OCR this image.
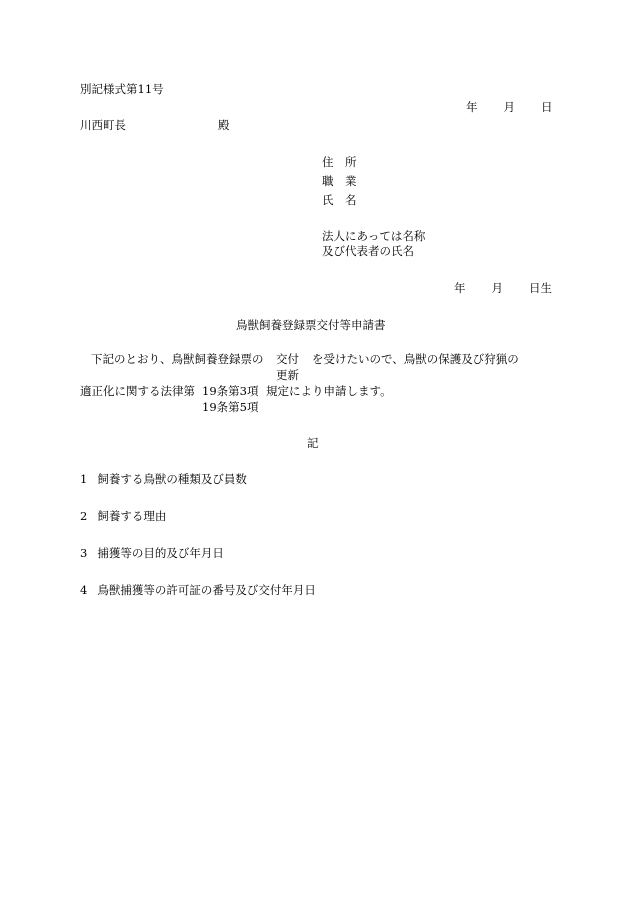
別記様式第11号
年 月 日
川西町長	殿
住　所
職　業
氏　名
法人にあっては名称
及び代表者の氏名
年 月 日生
鳥獣飼養登録票交付等申請書
下記のとおり、鳥獣飼養登録票の 交付 を受けたいので、鳥獣の保護及び狩猟の
更新
適正化に関する法律第 19条第3項 規定により申請します。
19条第5項
記
1 飼養する鳥獣の種類及び員数
2 飼養する理由
3 捕獲等の目的及び年月日
4 鳥獣捕獲等の許可証の番号及び交付年月日
